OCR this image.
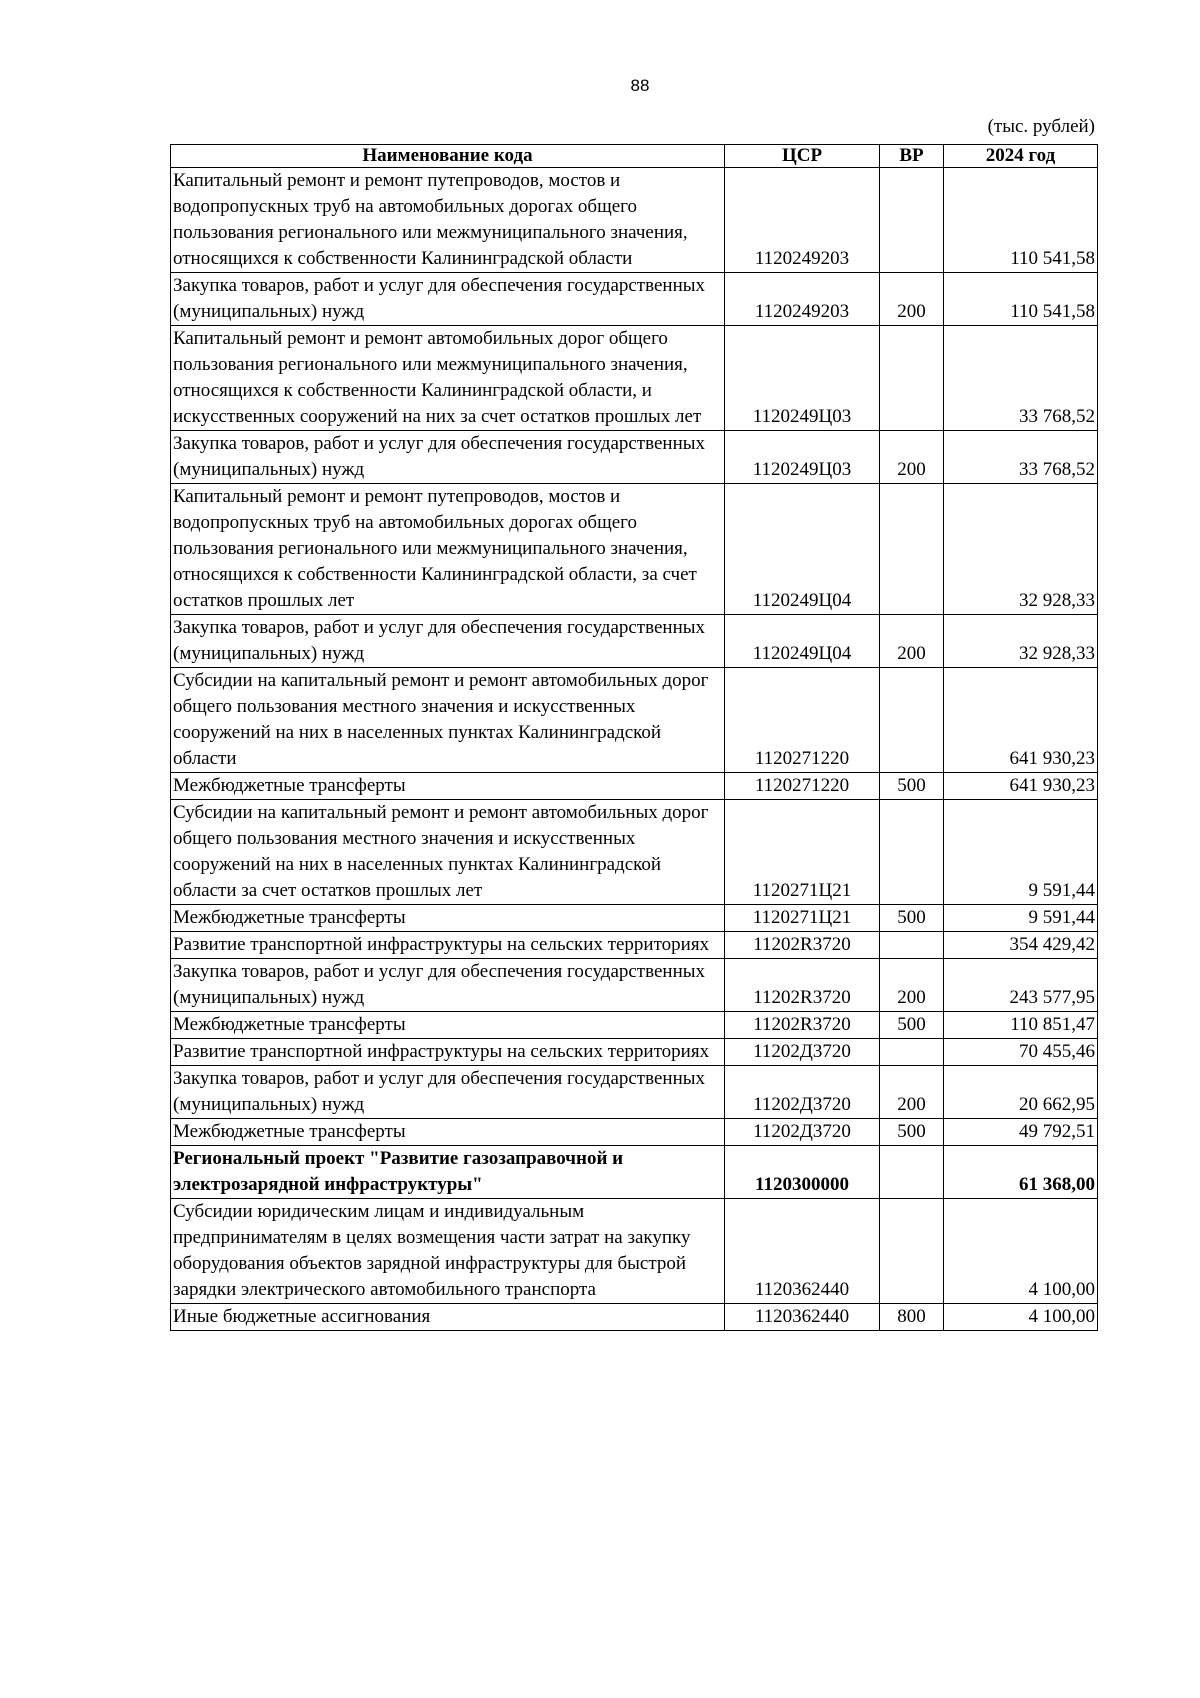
88
(тыс. рублей)
Наименование кода	ЦСР	ВР	2024 год
Капитальный ремонт и ремонт путепроводов, мостов и водопропускных труб на автомобильных дорогах общего пользования регионального или межмуниципального значения, относящихся к собственности Калининградской области	1120249203		110 541,58
Закупка товаров, работ и услуг для обеспечения государственных (муниципальных) нужд	1120249203	200	110 541,58
Капитальный ремонт и ремонт автомобильных дорог общего пользования регионального или межмуниципального значения, относящихся к собственности Калининградской области, и искусственных сооружений на них за счет остатков прошлых лет	1120249Ц03		33 768,52
Закупка товаров, работ и услуг для обеспечения государственных (муниципальных) нужд	1120249Ц03	200	33 768,52
Капитальный ремонт и ремонт путепроводов, мостов и водопропускных труб на автомобильных дорогах общего пользования регионального или межмуниципального значения, относящихся к собственности Калининградской области, за счет остатков прошлых лет	1120249Ц04		32 928,33
Закупка товаров, работ и услуг для обеспечения государственных (муниципальных) нужд	1120249Ц04	200	32 928,33
Субсидии на капитальный ремонт и ремонт автомобильных дорог общего пользования местного значения и искусственных сооружений на них в населенных пунктах Калининградской области	1120271220		641 930,23
Межбюджетные трансферты	1120271220	500	641 930,23
Субсидии на капитальный ремонт и ремонт автомобильных дорог общего пользования местного значения и искусственных сооружений на них в населенных пунктах Калининградской области за счет остатков прошлых лет	1120271Ц21		9 591,44
Межбюджетные трансферты	1120271Ц21	500	9 591,44
Развитие транспортной инфраструктуры на сельских территориях	11202R3720		354 429,42
Закупка товаров, работ и услуг для обеспечения государственных (муниципальных) нужд	11202R3720	200	243 577,95
Межбюджетные трансферты	11202R3720	500	110 851,47
Развитие транспортной инфраструктуры на сельских территориях	11202Д3720		70 455,46
Закупка товаров, работ и услуг для обеспечения государственных (муниципальных) нужд	11202Д3720	200	20 662,95
Межбюджетные трансферты	11202Д3720	500	49 792,51
Региональный проект "Развитие газозаправочной и электрозарядной инфраструктуры"	1120300000		61 368,00
Субсидии юридическим лицам и индивидуальным предпринимателям в целях возмещения части затрат на закупку оборудования объектов зарядной инфраструктуры для быстрой зарядки электрического автомобильного транспорта	1120362440		4 100,00
Иные бюджетные ассигнования	1120362440	800	4 100,00
